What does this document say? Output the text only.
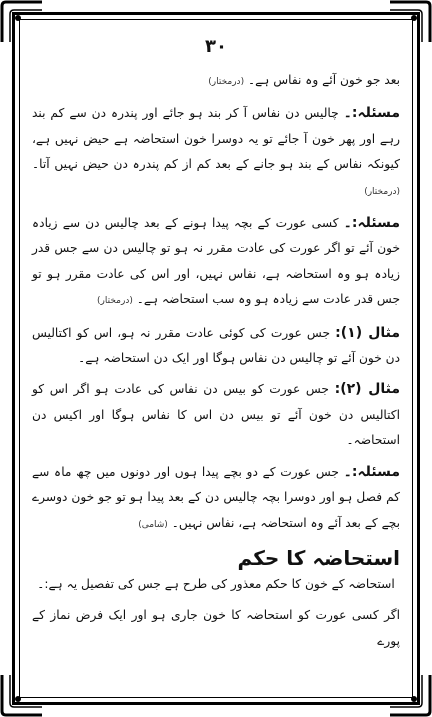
۳۰

بعد جو خون آئے وہ نفاس ہے۔ (درمختار)

مسئلہ:۔ چالیس دن نفاس آ کر بند ہو جائے اور پندرہ دن سے کم بند رہے اور پھر خون آ جائے تو یہ دوسرا خون استحاضہ ہے حیض نہیں ہے، کیونکہ نفاس کے بند ہو جانے کے بعد کم از کم پندرہ دن حیض نہیں آتا۔ (درمختار)

مسئلہ:۔ کسی عورت کے بچہ پیدا ہونے کے بعد چالیس دن سے زیادہ خون آئے تو اگر عورت کی عادت مقرر نہ ہو تو چالیس دن سے جس قدر زیادہ ہو وہ استحاضہ ہے، نفاس نہیں، اور اس کی عادت مقرر ہو تو جس قدر عادت سے زیادہ ہو وہ سب استحاضہ ہے۔ (درمختار)

مثال (۱): جس عورت کی کوئی عادت مقرر نہ ہو، اس کو اکتالیس دن خون آئے تو چالیس دن نفاس ہوگا اور ایک دن استحاضہ ہے۔

مثال (۲): جس عورت کو بیس دن نفاس کی عادت ہو اگر اس کو اکتالیس دن خون آئے تو بیس دن اس کا نفاس ہوگا اور اکیس دن استحاضہ۔

مسئلہ:۔ جس عورت کے دو بچے پیدا ہوں اور دونوں میں چھ ماہ سے کم فصل ہو اور دوسرا بچہ چالیس دن کے بعد پیدا ہو تو جو خون دوسرے بچے کے بعد آئے وہ استحاضہ ہے، نفاس نہیں۔ (شامی)

استحاضہ کا حکم

استحاضہ کے خون کا حکم معذور کی طرح ہے جس کی تفصیل یہ ہے:۔

اگر کسی عورت کو استحاضہ کا خون جاری ہو اور ایک فرض نماز کے پورے
